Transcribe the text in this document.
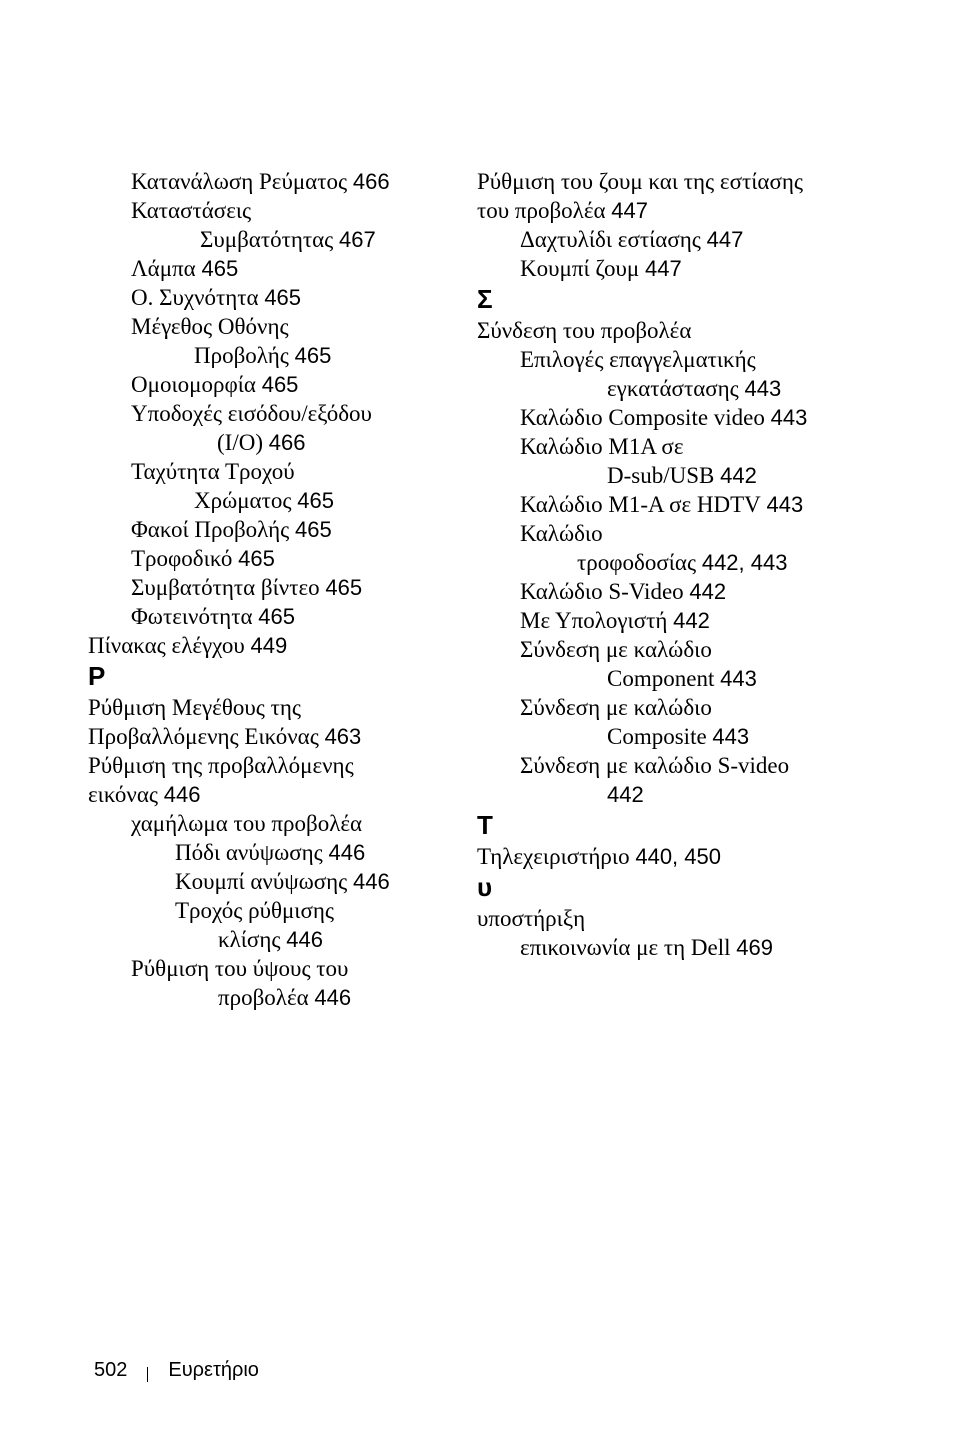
Κατανάλωση Ρεύματος 466
Καταστάσεις
Συμβατότητας 467
Λάμπα 465
Ο. Συχνότητα 465
Μέγεθος Οθόνης
Προβολής 465
Ομοιομορφία 465
Υποδοχές εισόδου/εξόδου
(I/O) 466
Ταχύτητα Τροχού
Χρώματος 465
Φακοί Προβολής 465
Τροφοδικό 465
Συμβατότητα βίντεο 465
Φωτεινότητα 465
Πίνακας ελέγχου 449
P
Ρύθμιση Μεγέθους της
Προβαλλόμενης Εικόνας 463
Ρύθμιση της προβαλλόμενης
εικόνας 446
χαμήλωμα του προβολέα
Πόδι ανύψωσης 446
Κουμπί ανύψωσης 446
Τροχός ρύθμισης
κλίσης 446
Ρύθμιση του ύψους του
προβολέα 446
Ρύθμιση του ζουμ και της εστίασης
του προβολέα 447
Δαχτυλίδι εστίασης 447
Κουμπί ζουμ 447
Σ
Σύνδεση του προβολέα
Επιλογές επαγγελματικής
εγκατάστασης 443
Καλώδιο Composite video 443
Καλώδιο M1A σε
D-sub/USB 442
Καλώδιο M1-A σε HDTV 443
Καλώδιο
τροφοδοσίας 442, 443
Καλώδιο S-Video 442
Με Υπολογιστή 442
Σύνδεση με καλώδιο
Component 443
Σύνδεση με καλώδιο
Composite 443
Σύνδεση με καλώδιο S-video
442
T
Τηλεχειριστήριο 440, 450
υ
υποστήριξη
επικοινωνία με τη Dell 469
502 Ευρετήριο
